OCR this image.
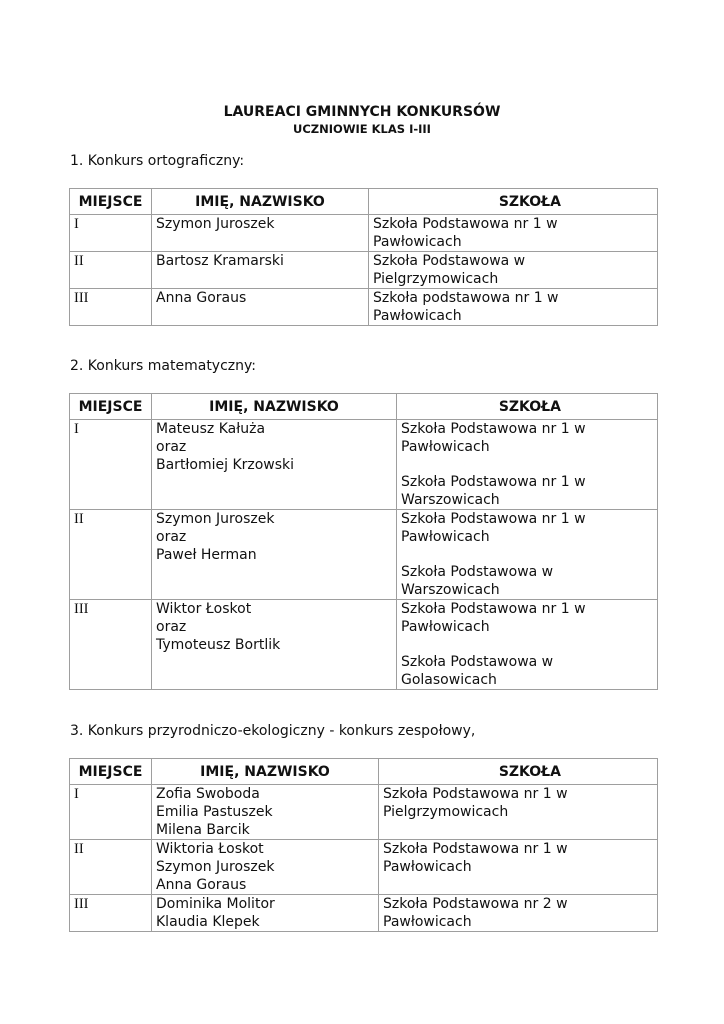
LAUREACI GMINNYCH KONKURSÓW
UCZNIOWIE KLAS I-III
1. Konkurs ortograficzny:
MIEJSCE	IMIĘ, NAZWISKO	SZKOŁA
I	Szymon Juroszek	Szkoła Podstawowa nr 1 w
Pawłowicach

II	Bartosz Kramarski	Szkoła Podstawowa w
Pielgrzymowicach

III	Anna Goraus	Szkoła podstawowa nr 1 w
Pawłowicach
2. Konkurs matematyczny:
MIEJSCE	IMIĘ, NAZWISKO	SZKOŁA
I	Mateusz Kałuża
oraz
Bartłomiej Krzowski	Szkoła Podstawowa nr 1 w
Pawłowicach
Szkoła Podstawowa nr 1 w
Warszowicach

II	Szymon Juroszek
oraz
Paweł Herman	Szkoła Podstawowa nr 1 w
Pawłowicach
Szkoła Podstawowa w
Warszowicach

III	Wiktor Łoskot
oraz
Tymoteusz Bortlik	Szkoła Podstawowa nr 1 w
Pawłowicach
Szkoła Podstawowa w
Golasowicach
3. Konkurs przyrodniczo-ekologiczny - konkurs zespołowy,
MIEJSCE	IMIĘ, NAZWISKO	SZKOŁA
I	Zofia Swoboda
Emilia Pastuszek
Milena Barcik	Szkoła Podstawowa nr 1 w
Pielgrzymowicach

II	Wiktoria Łoskot
Szymon Juroszek
Anna Goraus	Szkoła Podstawowa nr 1 w
Pawłowicach

III	Dominika Molitor
Klaudia Klepek	Szkoła Podstawowa nr 2 w
Pawłowicach
